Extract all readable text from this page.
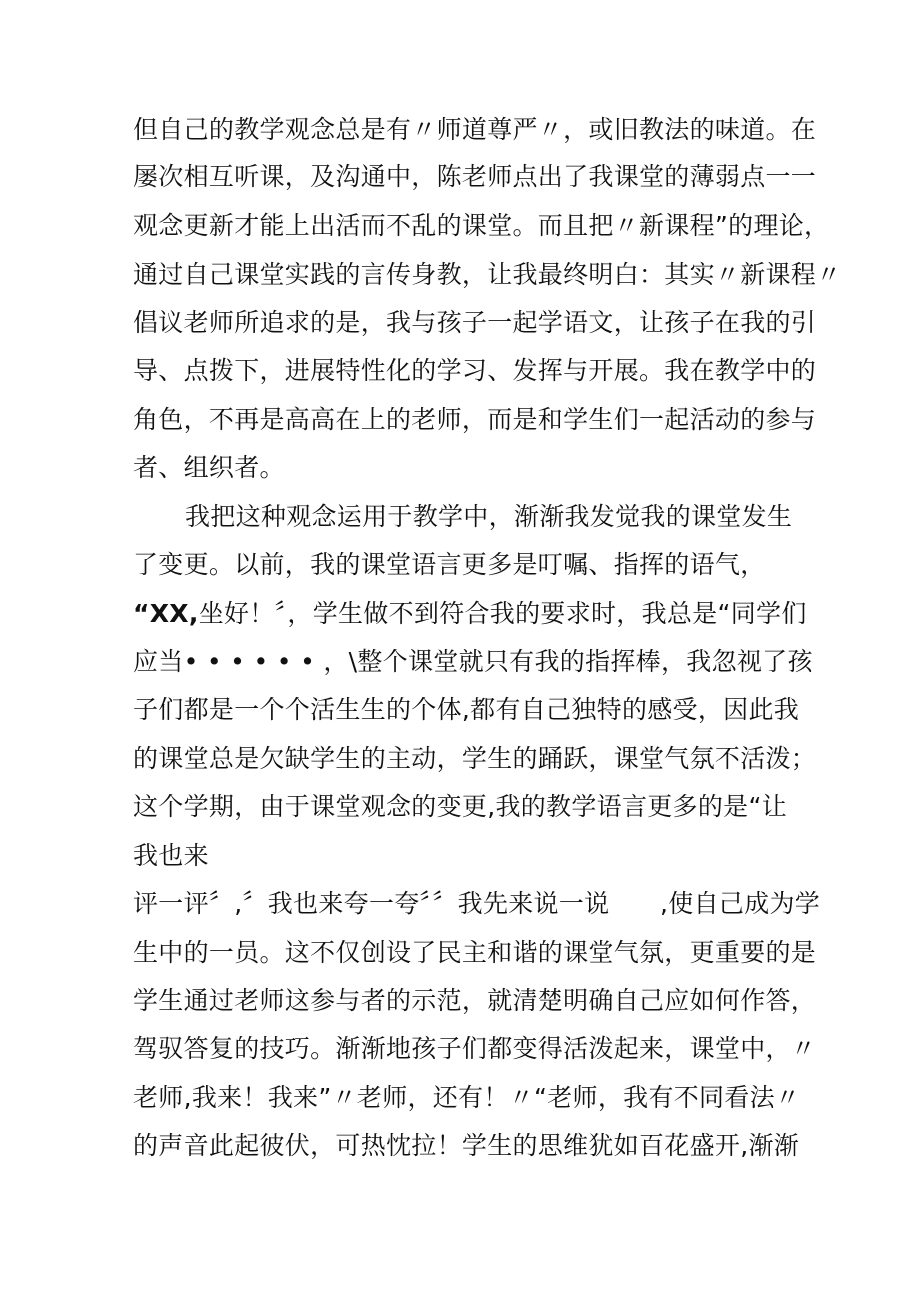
但自己的教学观念总是有〃师道尊严〃，或旧教法的味道。在
屡次相互听课，及沟通中，陈老师点出了我课堂的薄弱点一一
观念更新才能上出活而不乱的课堂。而且把〃新课程”的理论，
通过自己课堂实践的言传身教，让我最终明白：其实〃新课程〃
倡议老师所追求的是，我与孩子一起学语文，让孩子在我的引
导、点拨下，进展特性化的学习、发挥与开展。我在教学中的
角色，不再是高高在上的老师，而是和学生们一起活动的参与
者、组织者。
我把这种观念运用于教学中，渐渐我发觉我的课堂发生
了变更。以前，我的课堂语言更多是叮嘱、指挥的语气，
“XX,坐好！〞，学生做不到符合我的要求时，我总是“同学们
应当• • • • • • ，\整个课堂就只有我的指挥棒，我忽视了孩
子们都是一个个活生生的个体,都有自己独特的感受，因此我
的课堂总是欠缺学生的主动，学生的踊跃，课堂气氛不活泼；
这个学期，由于课堂观念的变更,我的教学语言更多的是“让
我也来
评一评〞,〞我也来夸一夸〞〞我先来说一说　　,使自己成为学
生中的一员。这不仅创设了民主和谐的课堂气氛，更重要的是
学生通过老师这参与者的示范，就清楚明确自己应如何作答，
驾驭答复的技巧。渐渐地孩子们都变得活泼起来，课堂中，〃
老师,我来！我来”〃老师，还有！〃“老师，我有不同看法〃
的声音此起彼伏，可热忱拉！学生的思维犹如百花盛开,渐渐
